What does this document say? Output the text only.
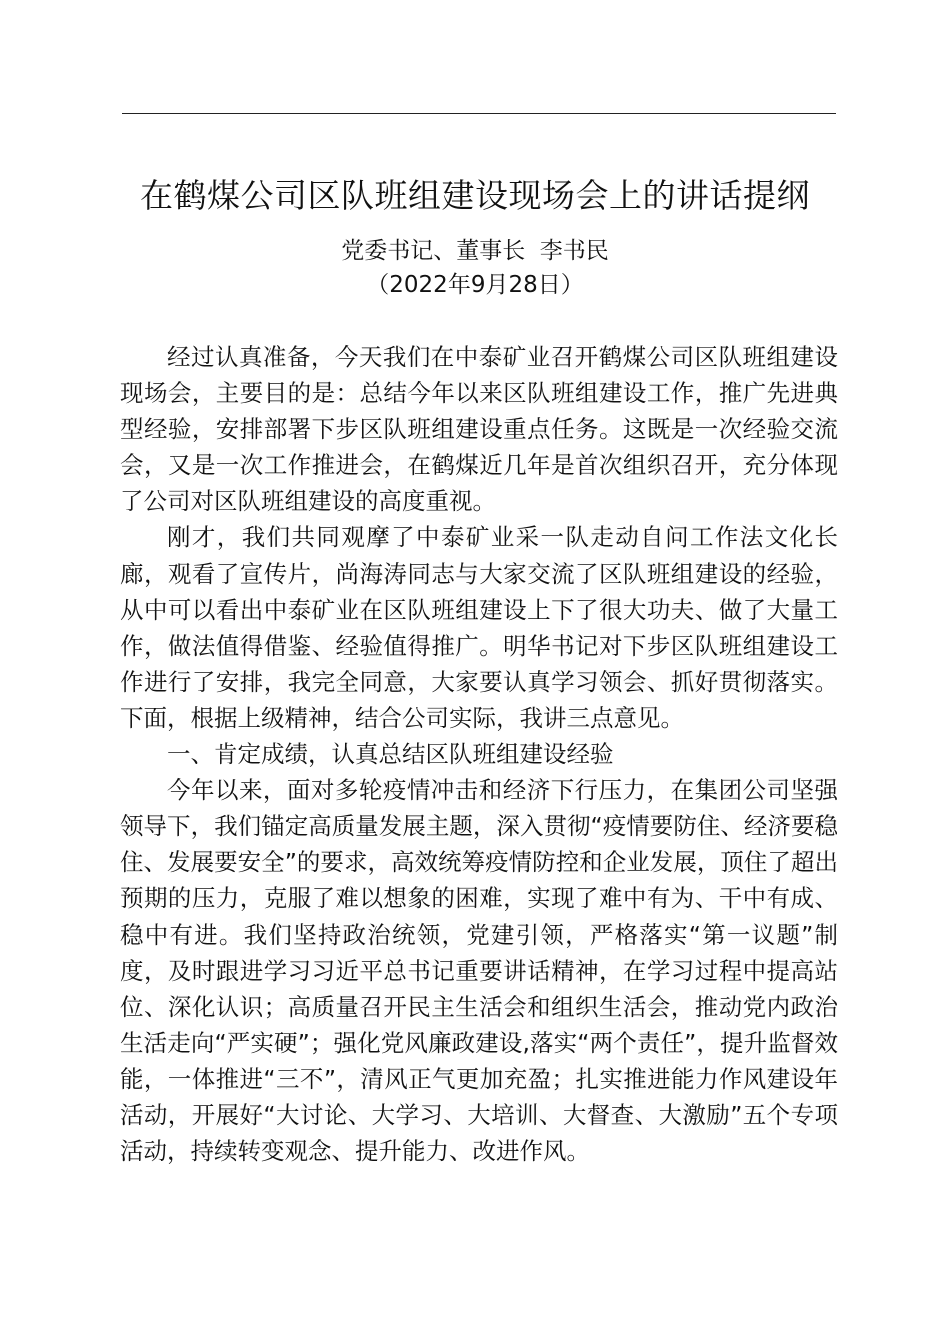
在鹤煤公司区队班组建设现场会上的讲话提纲
党委书记、董事长  李书民
（2022年9月28日）

经过认真准备，今天我们在中泰矿业召开鹤煤公司区队班组建设现场会，主要目的是：总结今年以来区队班组建设工作，推广先进典型经验，安排部署下步区队班组建设重点任务。这既是一次经验交流会，又是一次工作推进会，在鹤煤近几年是首次组织召开，充分体现了公司对区队班组建设的高度重视。

刚才，我们共同观摩了中泰矿业采一队走动自问工作法文化长廊，观看了宣传片，尚海涛同志与大家交流了区队班组建设的经验，从中可以看出中泰矿业在区队班组建设上下了很大功夫、做了大量工作，做法值得借鉴、经验值得推广。明华书记对下步区队班组建设工作进行了安排，我完全同意，大家要认真学习领会、抓好贯彻落实。下面，根据上级精神，结合公司实际，我讲三点意见。

一、肯定成绩，认真总结区队班组建设经验

今年以来，面对多轮疫情冲击和经济下行压力，在集团公司坚强领导下，我们锚定高质量发展主题，深入贯彻“疫情要防住、经济要稳住、发展要安全”的要求，高效统筹疫情防控和企业发展，顶住了超出预期的压力，克服了难以想象的困难，实现了难中有为、干中有成、稳中有进。我们坚持政治统领，党建引领，严格落实“第一议题”制度，及时跟进学习习近平总书记重要讲话精神，在学习过程中提高站位、深化认识；高质量召开民主生活会和组织生活会，推动党内政治生活走向“严实硬”；强化党风廉政建设,落实“两个责任”，提升监督效能，一体推进“三不”，清风正气更加充盈；扎实推进能力作风建设年活动，开展好“大讨论、大学习、大培训、大督查、大激励”五个专项活动，持续转变观念、提升能力、改进作风。
